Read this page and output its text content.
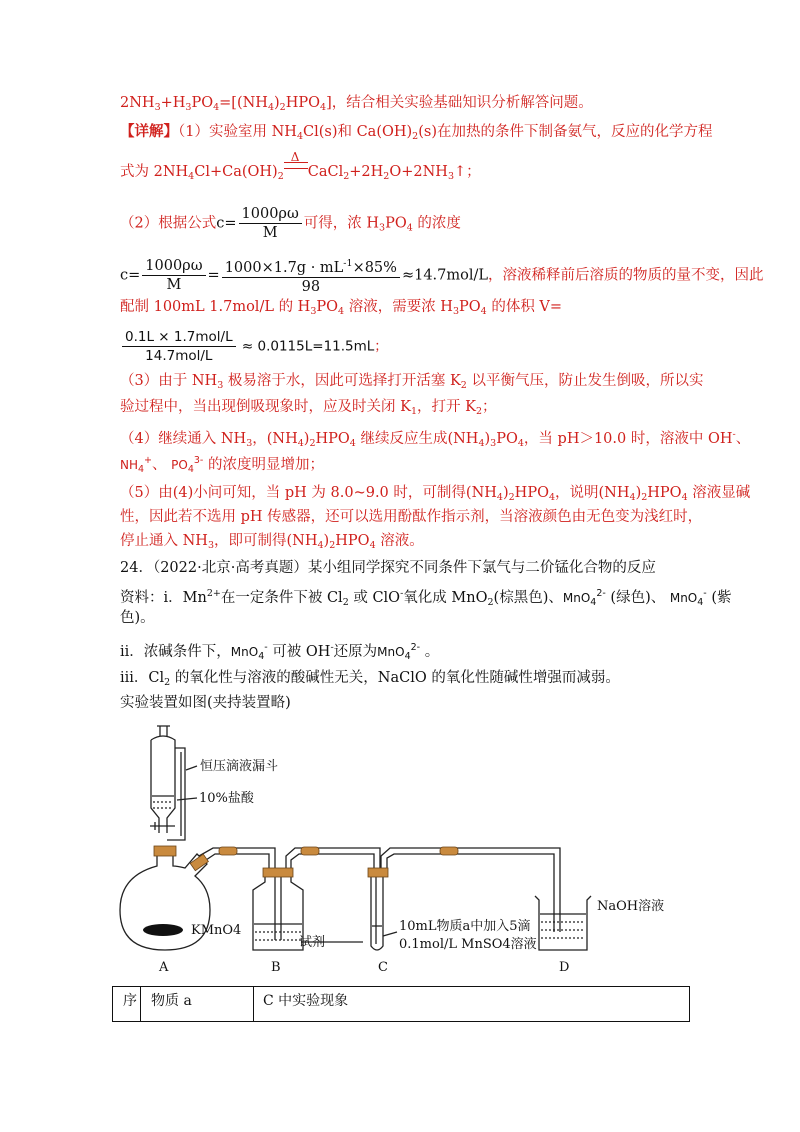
$2NH_3+H_3PO_4=[(NH_4)_2HPO_4]$，结合相关实验基础知识分析解答问题。
【详解】（1）实验室用 $NH_4Cl(s)$和 $Ca(OH)_2(s)$在加热的条件下制备氨气，反应的化学方程
式为 $2NH_4Cl+Ca(OH)_2$
Δ
$CaCl_2+2H_2O+2NH_3↑$；
（2）根据公式$c= \frac{1000\rho\omega}{M}$ 可得，浓 $H_3PO_4$ 的浓度
$c= \frac{1000\rho\omega}{M} = \frac{1000\times 1.7g \cdot mL^{-1}\times 85\%}{98} \approx 14.7mol/L$，溶液稀释前后溶质的物质的量不变，因此
配制 100mL 1.7mol/L 的 $H_3PO_4$ 溶液，需要浓 $H_3PO_4$ 的体积 V=
$\frac{\text{0.1L × 1.7mol/L}}{\text{14.7mol/L}} \approx 0.0115L=11.5mL$；
（3）由于 $NH_3$ 极易溶于水，因此可选择打开活塞 $K_2$ 以平衡气压，防止发生倒吸，所以实
验过程中，当出现倒吸现象时，应及时关闭 $K_1$，打开 $K_2$；
（4）继续通入 $NH_3$，$(NH_4)_2HPO_4$ 继续反应生成$(NH_4)_3PO_4$，当 pH＞10.0 时，溶液中 OH-、
$NH_4^+$、 $PO_4^{3-}$ 的浓度明显增加；
（5）由(4)小问可知，当 pH 为 8.0~9.0 时，可制得$(NH_4)_2HPO_4$，说明$(NH_4)_2HPO_4$ 溶液显碱
性，因此若不选用 pH 传感器，还可以选用酚酞作指示剂，当溶液颜色由无色变为浅红时，
停止通入 $NH_3$，即可制得$(NH_4)_2HPO_4$ 溶液。
24．（2022·北京·高考真题）某小组同学探究不同条件下氯气与二价锰化合物的反应
资料：i．$Mn^{2+}$在一定条件下被 $Cl_2$ 或 ClO-氧化成 MnO$_2$(棕黑色)、MnO$_4^{2-}$ (绿色)、 MnO$_4$- (紫
色)。
ii．浓碱条件下，MnO$_4$- 可被 OH-还原为MnO$_4^{2-}$ 。
iii．$Cl_2$ 的氧化性与溶液的酸碱性无关，NaClO 的氧化性随碱性增强而减弱。
实验装置如图(夹持装置略)
恒压滴液漏斗
10%盐酸
KMnO4
试剂
10mL物质a中加入5滴
0.1mol/L MnSO4溶液
NaOH溶液
A	B	C	D
序 物质 a	C 中实验现象
